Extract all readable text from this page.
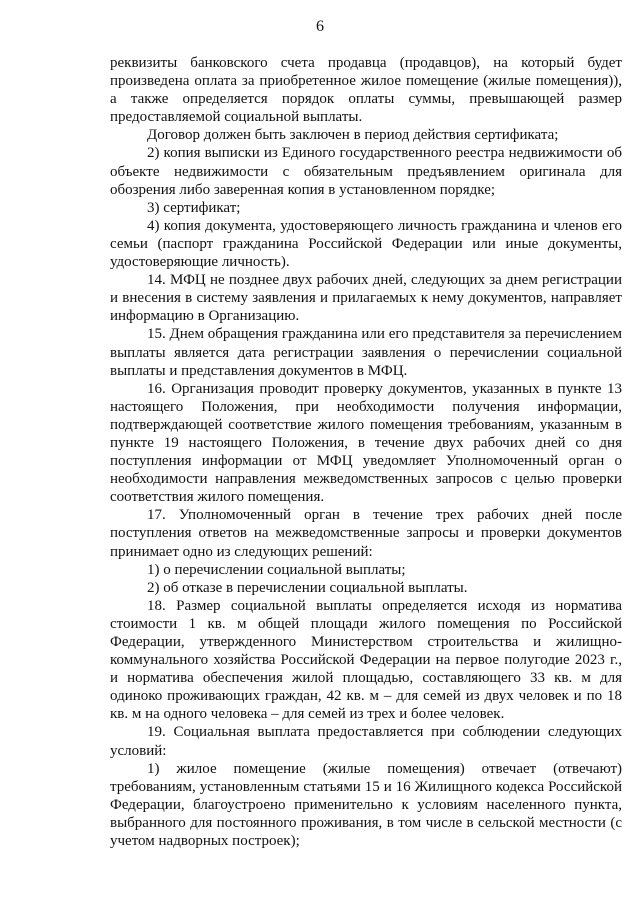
6

реквизиты банковского счета продавца (продавцов), на который будет произведена оплата за приобретенное жилое помещение (жилые помещения)), а также определяется порядок оплаты суммы, превышающей размер предоставляемой социальной выплаты.

Договор должен быть заключен в период действия сертификата;

2) копия выписки из Единого государственного реестра недвижимости об объекте недвижимости с обязательным предъявлением оригинала для обозрения либо заверенная копия в установленном порядке;

3) сертификат;

4) копия документа, удостоверяющего личность гражданина и членов его семьи (паспорт гражданина Российской Федерации или иные документы, удостоверяющие личность).

14. МФЦ не позднее двух рабочих дней, следующих за днем регистрации и внесения в систему заявления и прилагаемых к нему документов, направляет информацию в Организацию.

15. Днем обращения гражданина или его представителя за перечислением выплаты является дата регистрации заявления о перечислении социальной выплаты и представления документов в МФЦ.

16. Организация проводит проверку документов, указанных в пункте 13 настоящего Положения, при необходимости получения информации, подтверждающей соответствие жилого помещения требованиям, указанным в пункте 19 настоящего Положения, в течение двух рабочих дней со дня поступления информации от МФЦ уведомляет Уполномоченный орган о необходимости направления межведомственных запросов с целью проверки соответствия жилого помещения.

17. Уполномоченный орган в течение трех рабочих дней после поступления ответов на межведомственные запросы и проверки документов принимает одно из следующих решений:

1) о перечислении социальной выплаты;

2) об отказе в перечислении социальной выплаты.

18. Размер социальной выплаты определяется исходя из норматива стоимости 1 кв. м общей площади жилого помещения по Российской Федерации, утвержденного Министерством строительства и жилищно-коммунального хозяйства Российской Федерации на первое полугодие 2023 г., и норматива обеспечения жилой площадью, составляющего 33 кв. м для одиноко проживающих граждан, 42 кв. м – для семей из двух человек и по 18 кв. м на одного человека – для семей из трех и более человек.

19. Социальная выплата предоставляется при соблюдении следующих условий:

1) жилое помещение (жилые помещения) отвечает (отвечают) требованиям, установленным статьями 15 и 16 Жилищного кодекса Российской Федерации, благоустроено применительно к условиям населенного пункта, выбранного для постоянного проживания, в том числе в сельской местности (с учетом надворных построек);
